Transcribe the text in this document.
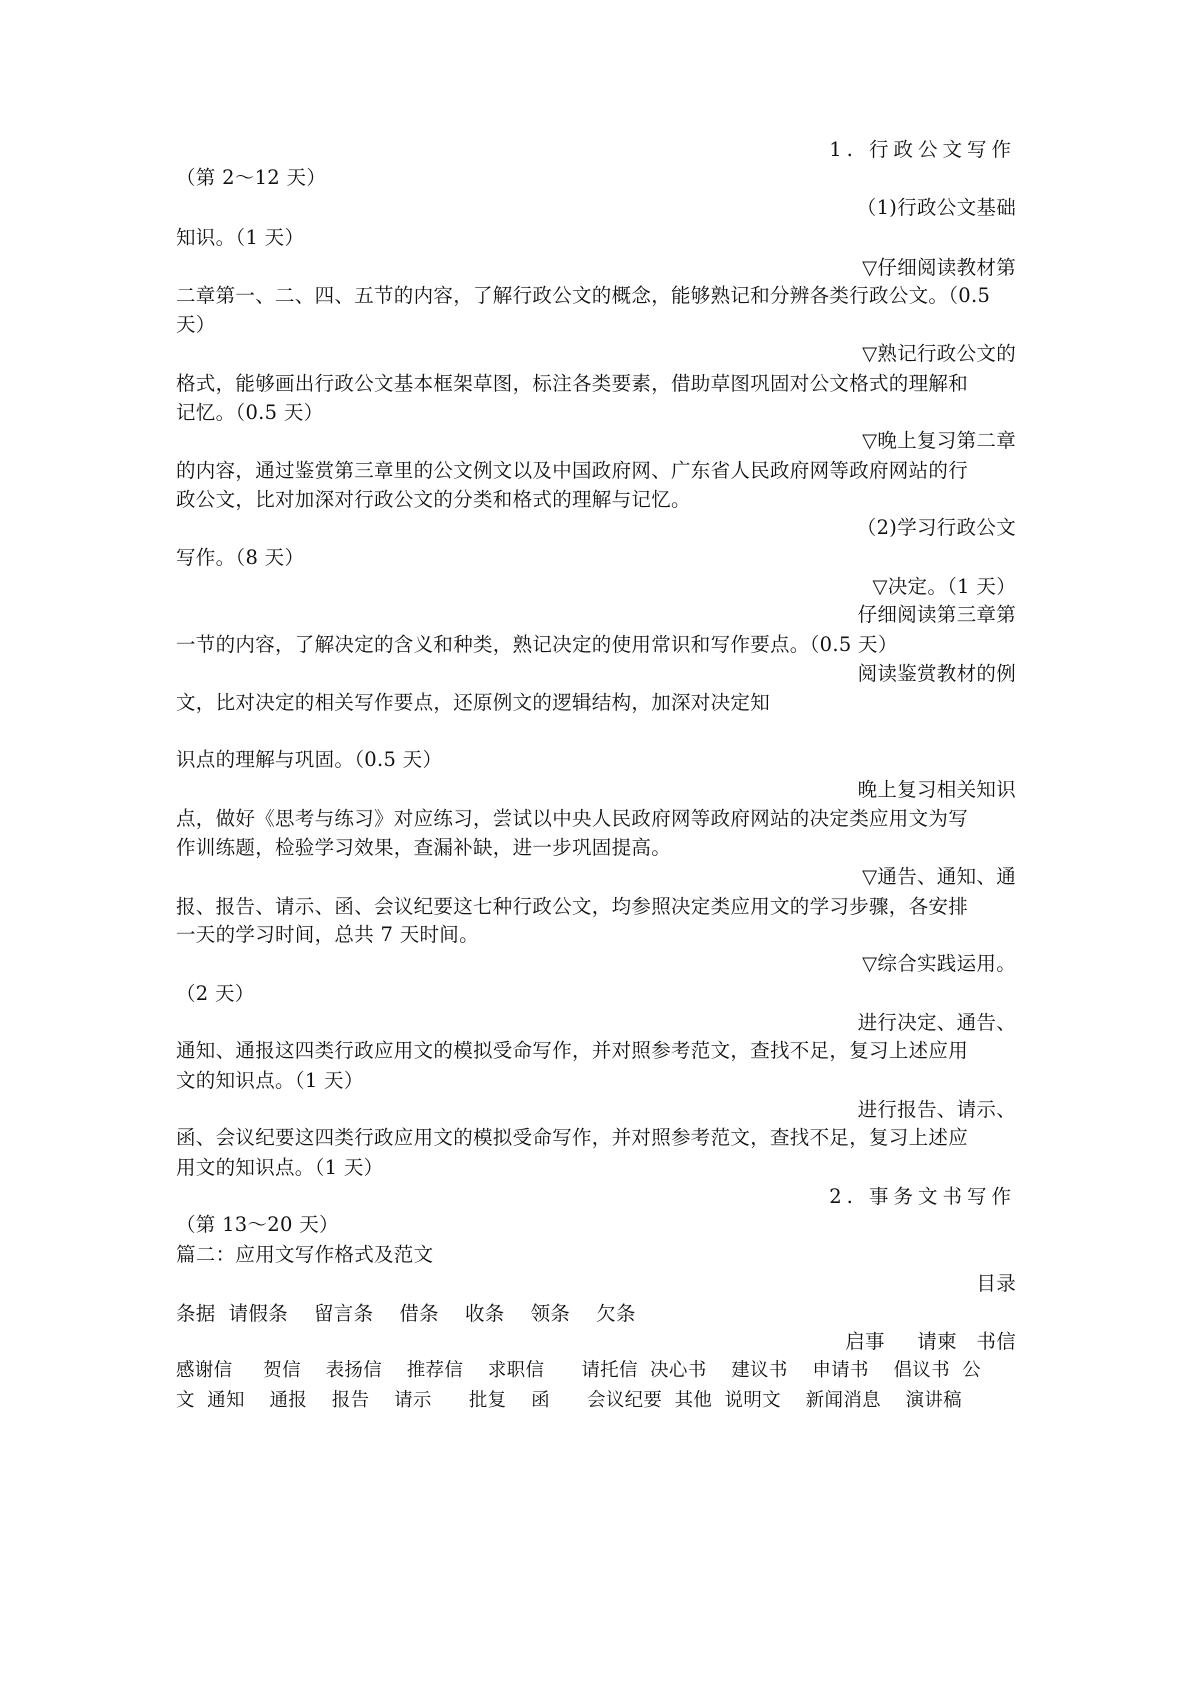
1. 行政公文写作
（第 2～12 天）
（1)行政公文基础
知识。（1 天）
▽仔细阅读教材第
二章第一、二、四、五节的内容，了解行政公文的概念，能够熟记和分辨各类行政公文。（0.5
天）
▽熟记行政公文的
格式，能够画出行政公文基本框架草图，标注各类要素，借助草图巩固对公文格式的理解和
记忆。（0.5 天）
▽晚上复习第二章
的内容，通过鉴赏第三章里的公文例文以及中国政府网、广东省人民政府网等政府网站的行
政公文，比对加深对行政公文的分类和格式的理解与记忆。
（2)学习行政公文
写作。（8 天）
▽决定。（1 天）
仔细阅读第三章第
一节的内容，了解决定的含义和种类，熟记决定的使用常识和写作要点。（0.5 天）
阅读鉴赏教材的例
文，比对决定的相关写作要点，还原例文的逻辑结构，加深对决定知
识点的理解与巩固。（0.5 天）
晚上复习相关知识
点，做好《思考与练习》对应练习，尝试以中央人民政府网等政府网站的决定类应用文为写
作训练题，检验学习效果，查漏补缺，进一步巩固提高。
▽通告、通知、通
报、报告、请示、函、会议纪要这七种行政公文，均参照决定类应用文的学习步骤，各安排
一天的学习时间，总共 7 天时间。
▽综合实践运用。
（2 天）
进行决定、通告、
通知、通报这四类行政应用文的模拟受命写作，并对照参考范文，查找不足，复习上述应用
文的知识点。（1 天）
进行报告、请示、
函、会议纪要这四类行政应用文的模拟受命写作，并对照参考范文，查找不足，复习上述应
用文的知识点。（1 天）
2. 事务文书写作
（第 13～20 天）
篇二：应用文写作格式及范文
目录
条据  请假条    留言条    借条    收条    领条    欠条
启事     请柬   书信
感谢信     贺信    表扬信    推荐信    求职信      请托信  决心书    建议书    申请书    倡议书  公
文  通知    通报    报告    请示      批复    函      会议纪要  其他  说明文    新闻消息    演讲稿
